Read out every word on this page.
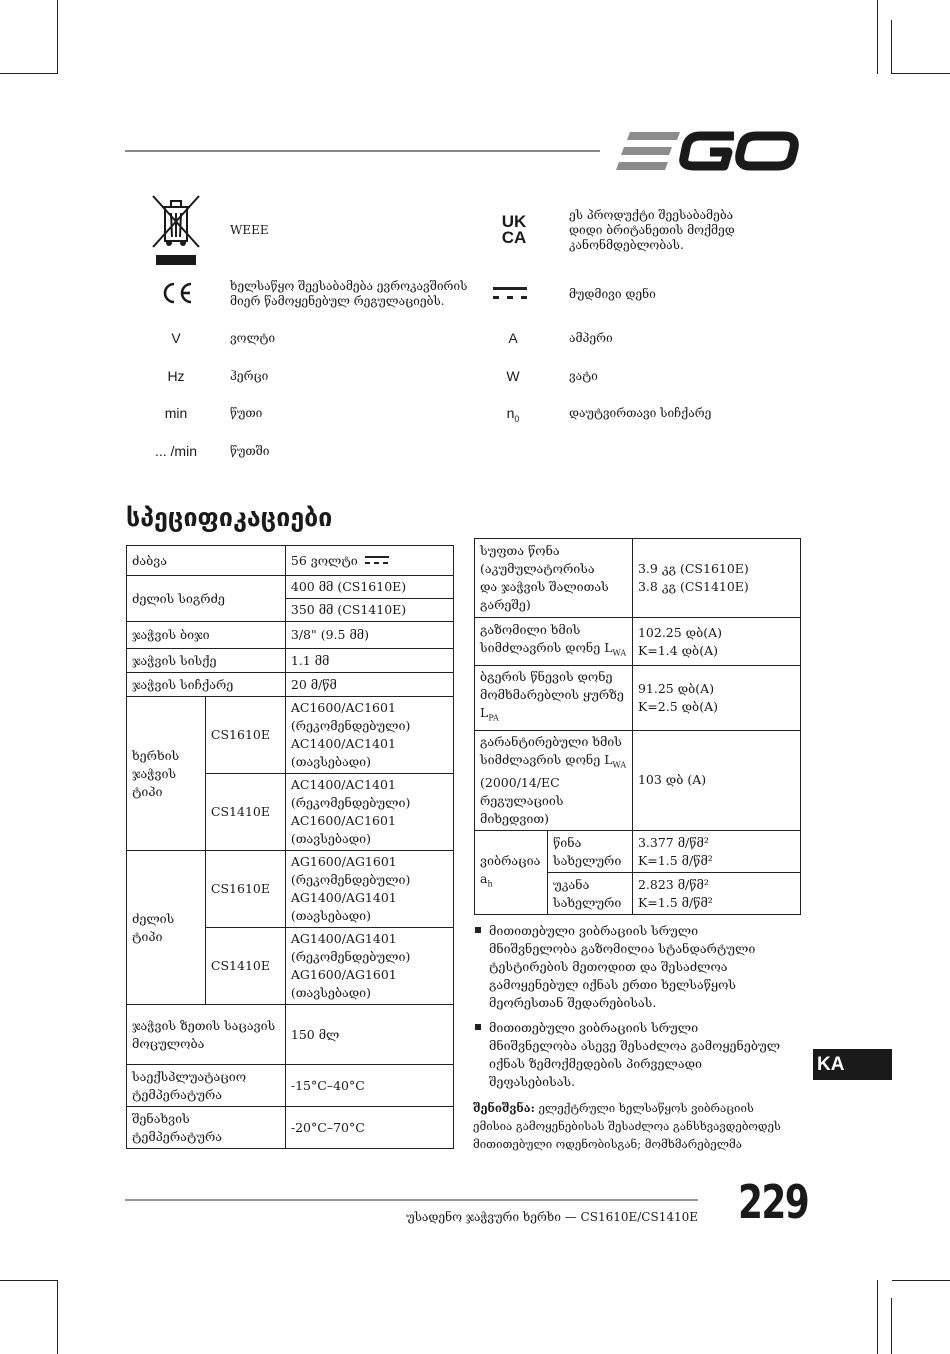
WEEE
ხელსაწყო შეესაბამება ევროკავშირის
მიერ წამოყენებულ რეგულაციებს.
V	ვოლტი
Hz	ჰერცი
min	წუთი
... /min	წუთში
UK
CA
ეს პროდუქტი შეესაბამება
დიდი ბრიტანეთის მოქმედ
კანონმდებლობას.
მუდმივი დენი
A	ამპერი
W	ვატი
$n_0$	დაუტვირთავი სიჩქარე
სპეციფიკაციები
ძაბვა		56 ვოლტი

ძელის სიგრძე		400 მმ (CS1610E)
		350 მმ (CS1410E)
ჯაჭვის ბიჯი		3/8" (9.5 მმ)
ჯაჭვის სისქე		1.1 მმ
ჯაჭვის სიჩქარე		20 მ/წმ
ხერხის
ჯაჭვის
ტიპი	CS1610E	AC1600/AC1601
(რეკომენდებული)
AC1400/AC1401
(თავსებადი)
	CS1410E	AC1400/AC1401
(რეკომენდებული)
AC1600/AC1601
(თავსებადი)
ძელის
ტიპი	CS1610E	AG1600/AG1601
(რეკომენდებული)
AG1400/AG1401
(თავსებადი)
	CS1410E	AG1400/AG1401
(რეკომენდებული)
AG1600/AG1601
(თავსებადი)
ჯაჭვის ზეთის საცავის
მოცულობა		150 მლ
საექსპლუატაციო
ტემპერატურა		-15°C–40°C
შენახვის
ტემპერატურა		-20°C–70°C
სუფთა წონა
(აკუმულატორისა
და ჯაჭვის შალითას
გარეშე)		3.9 კგ (CS1610E)
3.8 კგ (CS1410E)
გაზომილი ხმის
სიმძლავრის დონე $L_{WA}$		102.25 დბ(A)
K=1.4 დბ(A)
ბგერის წნევის დონე
მომხმარებლის ყურზე
$L_{PA}$		91.25 დბ(A)
K=2.5 დბ(A)
გარანტირებული ხმის
სიმძლავრის დონე $L_{WA}$
(2000/14/EC
რეგულაციის
მიხედვით)		103 დბ (A)
ვიბრაცია
$a_h$	წინა
სახელური	3.377 მ/წმ²
K=1.5 მ/წმ²
	უკანა
სახელური	2.823 მ/წმ²
K=1.5 მ/წმ²
მითითებული ვიბრაციის სრული
მნიშვნელობა გაზომილია სტანდარტული
ტესტირების მეთოდით და შესაძლოა
გამოყენებულ იქნას ერთი ხელსაწყოს
მეორესთან შედარებისას.
მითითებული ვიბრაციის სრული
მნიშვნელობა ასევე შესაძლოა გამოყენებულ
იქნას ზემოქმედების პირველადი
შეფასებისას.
შენიშვნა: ელექტრული ხელსაწყოს ვიბრაციის
ემისია გამოყენებისას შესაძლოა განსხვავდებოდეს
მითითებული ოდენობისგან; მომხმარებელმა
KA
უსადენო ჯაჭვური ხერხი — CS1610E/CS1410E 229
